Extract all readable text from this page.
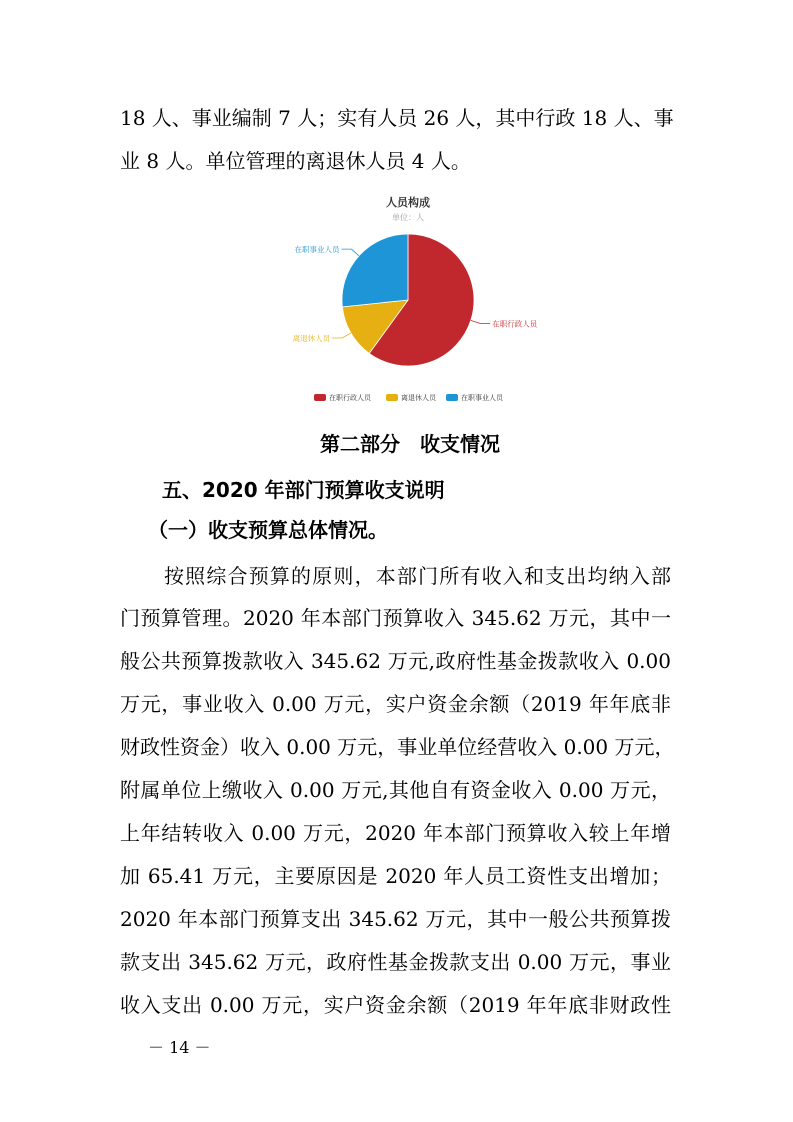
18 人、事业编制 7 人；实有人员 26 人，其中行政 18 人、事
业 8 人。单位管理的离退休人员 4 人。
人员构成
单位：人
在职行政人员
离退休人员
在职事业人员
在职行政人员	离退休人员	在职事业人员
第二部分　收支情况
五、2020 年部门预算收支说明
（一）收支预算总体情况。
按照综合预算的原则，本部门所有收入和支出均纳入部
门预算管理。2020 年本部门预算收入 345.62 万元，其中一
般公共预算拨款收入 345.62 万元,政府性基金拨款收入 0.00
万元，事业收入 0.00 万元，实户资金余额（2019 年年底非
财政性资金）收入 0.00 万元，事业单位经营收入 0.00 万元，
附属单位上缴收入 0.00 万元,其他自有资金收入 0.00 万元，
上年结转收入 0.00 万元，2020 年本部门预算收入较上年增
加 65.41 万元，主要原因是 2020 年人员工资性支出增加；
2020 年本部门预算支出 345.62 万元，其中一般公共预算拨
款支出 345.62 万元，政府性基金拨款支出 0.00 万元，事业
收入支出 0.00 万元，实户资金余额（2019 年年底非财政性
－ 14 －
